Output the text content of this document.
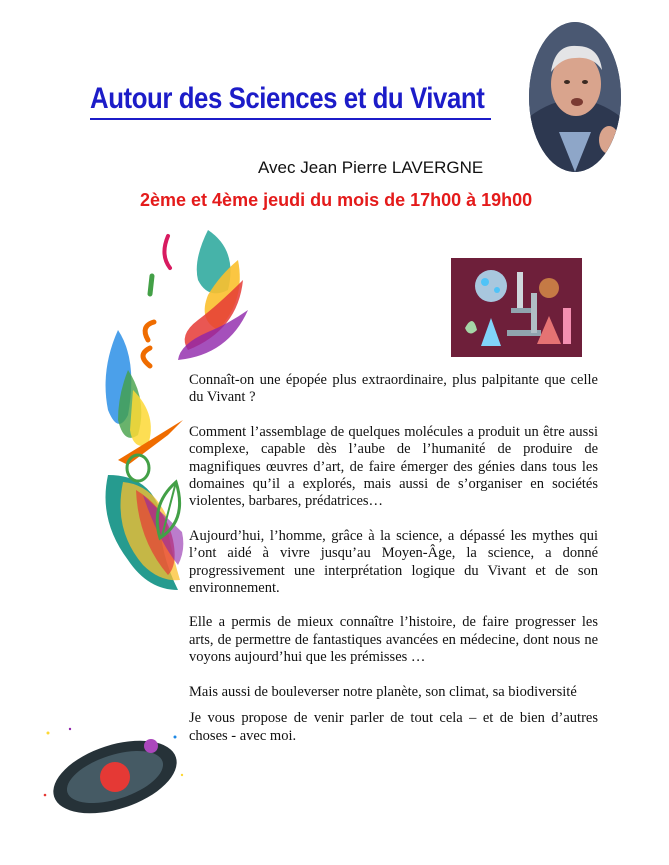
Autour des Sciences et du Vivant
Avec Jean Pierre LAVERGNE
2ème et 4ème jeudi du mois de 17h00 à 19h00

Connaît-on une épopée plus extraordinaire, plus palpitante que celle du Vivant ?

Comment l’assemblage de quelques molécules a produit un être aussi complexe, capable dès l’aube de l’humanité de produire de magnifiques œuvres d’art, de faire émerger des génies dans tous les domaines qu’il a explorés, mais aussi de s’organiser en sociétés violentes, barbares, prédatrices…

Aujourd’hui, l’homme, grâce à la science, a dépassé les mythes qui l’ont aidé à vivre jusqu’au Moyen-Âge, la science, a donné progressivement une interprétation logique du Vivant et de son environnement.

Elle a permis de mieux connaître l’histoire, de faire progresser les arts, de permettre de fantastiques avancées en médecine, dont nous ne voyons aujourd’hui que les prémisses …

Mais aussi de bouleverser notre planète, son climat, sa biodiversité

Je vous propose de venir parler de tout cela – et de bien d’autres choses - avec moi.
